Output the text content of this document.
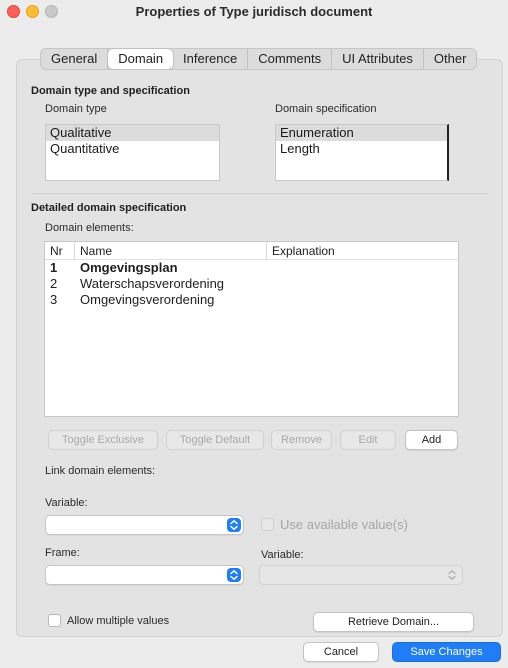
Properties of Type juridisch document
General	Domain	Inference	Comments	UI Attributes	Other
Domain type and specification
Domain type	Domain specification
Qualitative
Quantitative
Enumeration
Length
Detailed domain specification
Domain elements:
Nr	Name	Explanation
1	Omgevingsplan
2	Waterschapsverordening
3	Omgevingsverordening
Toggle Exclusive	Toggle Default	Remove	Edit	Add
Link domain elements:
Variable:
Use available value(s)
Frame:	Variable:
Allow multiple values	Retrieve Domain...
Cancel	Save Changes
